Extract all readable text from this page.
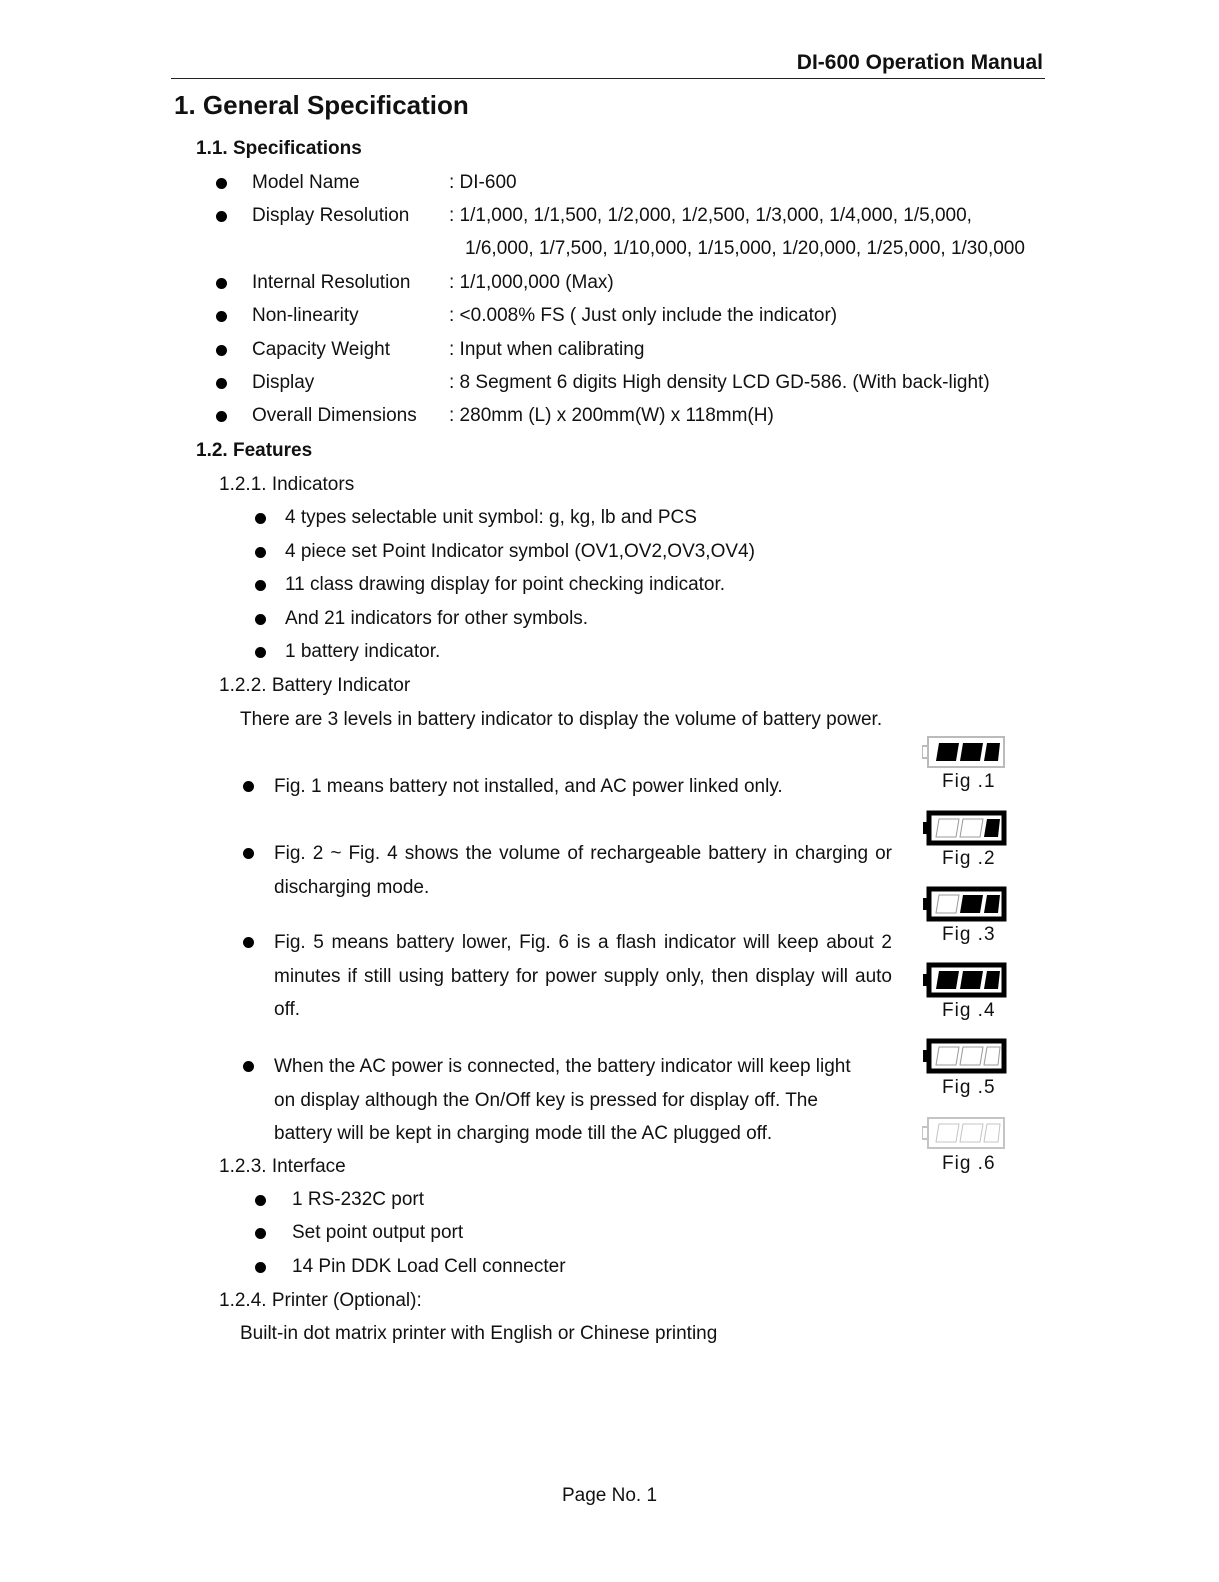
DI-600 Operation Manual
1. General Specification
1.1. Specifications
Model Name	: DI-600
Display Resolution : 1/1,000, 1/1,500, 1/2,000, 1/2,500, 1/3,000, 1/4,000, 1/5,000,
1/6,000, 1/7,500, 1/10,000, 1/15,000, 1/20,000, 1/25,000, 1/30,000
Internal Resolution : 1/1,000,000 (Max)
Non-linearity	: <0.008% FS ( Just only include the indicator)
Capacity Weight	: Input when calibrating
Display	: 8 Segment 6 digits High density LCD GD-586. (With back-light)
Overall Dimensions : 280mm (L) x 200mm(W) x 118mm(H)
1.2. Features
1.2.1. Indicators
4 types selectable unit symbol: g, kg, lb and PCS
4 piece set Point Indicator symbol (OV1,OV2,OV3,OV4)
11 class drawing display for point checking indicator.
And 21 indicators for other symbols.
1 battery indicator.
1.2.2. Battery Indicator
There are 3 levels in battery indicator to display the volume of battery power.
Fig. 1 means battery not installed, and AC power linked only.
Fig. 2 ~ Fig. 4 shows the volume of rechargeable battery in charging or discharging mode.
Fig. 5 means battery lower, Fig. 6 is a flash indicator will keep about 2 minutes if still using battery for power supply only, then display will auto off.
When the AC power is connected, the battery indicator will keep light on display although the On/Off key is pressed for display off. The battery will be kept in charging mode till the AC plugged off.
Fig .1
Fig .2
Fig .3
Fig .4
Fig .5
Fig .6
1.2.3. Interface
1 RS-232C port
Set point output port
14 Pin DDK Load Cell connecter
1.2.4. Printer (Optional):
Built-in dot matrix printer with English or Chinese printing
Page No. 1
